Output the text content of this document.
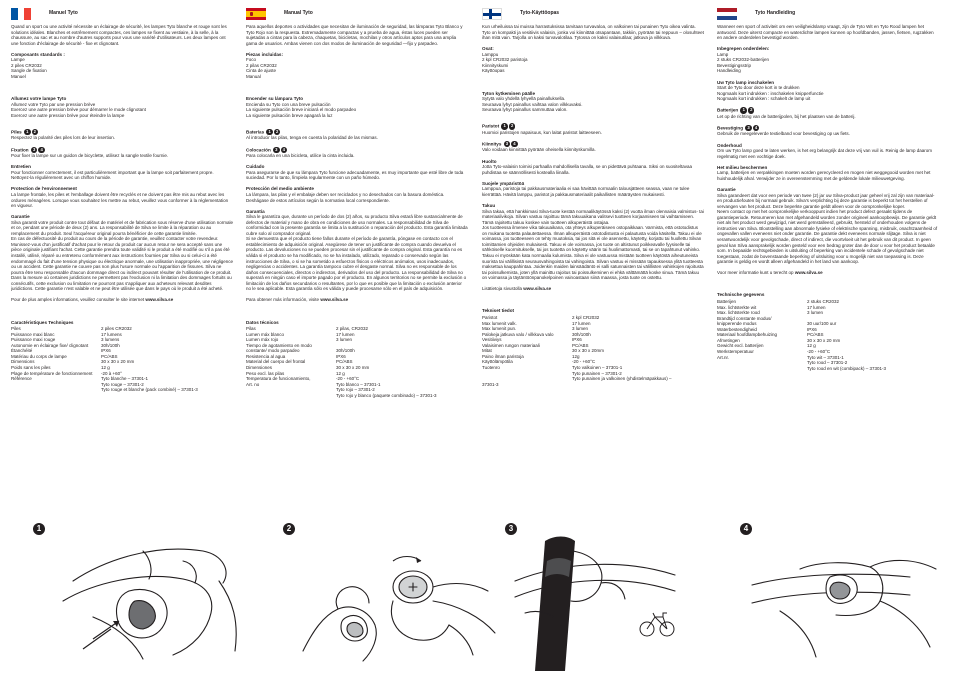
Manuel Tyto

Quand un sport ou une activité nécessite un éclairage de sécurité, les lampes Tyto blanche et rouge sont les solutions idéales. Blanches et extrêmement compactes, ces lampes se fixent au vestiaire, à la selle, à la chaussure, au sac et au nombre d'autres supports pour vous une variété d'utilisateurs. Les deux lampes ont une fonction d'éclairage de sécurité - fixe et clignotant.

Composants standards :

Lampe

2 piles CR2032

Sangle de fixation

Manuel

Allumez votre lampe Tyto

Allumez votre Tyto par une pression brève

Exercez une autre pression brève pour démarrer le mode clignotant

Exercez une autre pression brève pour éteindre la lampe

Piles 1 2

Respectez la polarité des piles lors de leur insertion.

Fixation 3 4

Pour fixer la lampe sur un guidon de bicyclette, utilisez la sangle textile fournie.

Entretien

Pour fonctionner correctement, il est particulièrement important que la lampe soit parfaitement propre. Nettoyez-la régulièrement avec un chiffon humide.

Protection de l'environnement

La lampe frontale, les piles et l'emballage doivent être recyclés et ne doivent pas être mis au rebut avec les ordures ménagères. Lorsque vous souhaitez les mettre au rebut, veuillez vous conformer à la réglementation en vigueur.

Garantie

Silva garantit votre produit contre tout défaut de matériel et de fabrication sous réserve d'une utilisation normale et ce, pendant une période de deux (2) ans. La responsabilité de Silva se limite à la réparation ou au remplacement du produit. Seul l'acquéreur original pourra bénéficier de cette garantie limitée.
En cas de défectuosité du produit au cours de la période de garantie, veuillez contacter votre revendeur. Munissez-vous d'un justificatif d'achat pour le retour du produit car aucun retour ne sera accepté sans une pièce originale justifiant l'achat. Cette garantie prendra toute validité si le produit a été modifié ou s'il a pas été installé, utilisé, réparé ou entretenu conformément aux instructions fournies par Silva ou si celui-ci a été endommagé du fait d'une tension physique ou électrique anormale, une utilisation inappropriée, une négligence ou un accident. Cette garantie ne couvre pas non plus l'usure normale ou l'apparition de fissures. Silva ne pourra être tenu responsable d'aucun dommage direct ou indirect pouvant résulter de l'utilisation de ce produit. Dans la mesure où certaines juridictions ne permettent pas l'exclusion ni la limitation des dommages fortuits ou consécutifs, cette exclusion ou limitation ne pourront pas s'appliquer aux acheteurs relevant desdites juridictions. Cette garantie n'est valable et ne peut être utilisée que dans le pays où le produit a été acheté.

Pour de plus amples informations, veuillez consulter le site internet www.silva.se

Caractéristiques Techniques
Piles	2 piles CR2032
Puissance maxi blanc	17 lumens
Puissance maxi rouge	3 lumens
Autonomie en éclairage fixe/ clignotant	30h/100h
Étanchéité	IPX6
Matériau du corps de lampe	PC/ABS
Dimensions	30 x 30 x 20 mm
Poids sans les piles	12 g
Plage de température de fonctionnement	-20 à +60°
Référence	Tyto blanche – 37301-1
Tyto rouge – 37301-2
Tyto rouge et blanche (pack combiné) – 37301-3
Manual Tyto

Para aquellos deportes o actividades que necesitan de iluminación de seguridad, las lámparas Tyto Blanco y Tyto Rojo son la respuesta. Extremadamente compactas y a prueba de agua, éstas luces pueden ser sujetadas a cintas para la cabeza, chaquetas, bicicletas, mochilas y otros artículos aptos para una amplia gama de usuarios. Ambas vienen con dos modos de iluminación de seguridad —fijo y parpadeo.

Piezas incluidas:

Foco

2 pilas CR2032

Cinta de ajuste

Manual

Encender su lámpara Tyto

Encienda su Tyto con una breve pulsación

La siguiente pulsación breve iniciará el modo parpadeo

La siguiente pulsación breve apagará la luz

Baterías 1 2

Al introducir las pilas, tenga en cuenta la polaridad de las mismas.

Colocación 3 4

Para colocarla en una bicicleta, utilice la cinta incluida.

Cuidado

Para asegurarse de que su lámpara Tyto funcione adecuadamente, es muy importante que esté libre de toda suciedad. Por lo tanto, límpiela regularmente con un paño húmedo.

Protección del medio ambiente

La lámpara, las pilas y el embalaje deben ser reciclados y no desechados con la basura doméstica. Deshágase de estos artículos según la normativa local correspondiente.

Garantía

Silva le garantiza que, durante un período de dos (2) años, su producto Silva estará libre sustancialmente de defectos de material y mano de obra en condiciones de uso normales. La responsabilidad de Silva de conformidad con la presente garantía se limita a la sustitución o reparación del producto. Esta garantía limitada cubre solo al comprador original.
Si se demuestra que el producto tiene fallos durante el período de garantía, póngase en contacto con el establecimiento de adquisición original. Asegúrese de tener un justificante de compra cuando devuelva el producto. Las devoluciones no se pueden procesar sin el justificante de compra original. Esta garantía no es válida si el producto se ha modificado, no se ha instalado, utilizado, reparado o conservado según las instrucciones de Silva, o si se ha sometido a esfuerzos físicos o eléctricos anómalos, usos inadecuados, negligencias o accidentes. La garantía tampoco cubre el desgaste normal. Silva no es responsable de los daños consecuenciales, directos o indirectos, derivados del uso del producto. La responsabilidad de Silva no superará en ningún caso el importe pagado por el producto. En algunos territorios no se permite la exclusión o limitación de los daños secundarios o resultantes, por lo que es posible que la limitación o exclusión anterior no le sea aplicable. Esta garantía sólo es válida y puede procesarse sólo en el país de adquisición.

Para obtener más información, visite www.silva.se

Datos técnicos
Pilas	2 pilas, CR2032
Lumen máx blanco	17 lumen
Lumen máx rojo	3 lumen
Tiempo de agotamiento en modo
constante/ modo parpadeo	30h/100h
Resistencia al agua	IPX6
Material del cuerpo del frontal	PC/ABS
Dimensiones	30 x 30 x 20 mm
Peso excl. las pilas	12 g
Temperatura de funcionamiento,	-20 - +60°C
Art. no	Tyto blanco – 37301-1
Tyto rojo – 37301-2
Tyto rojo y blanco (paquete combinado) – 37301-3
Tyto-Käyttöopas

Kun urheiluissa tai muissa harrastuksissa tarvitaan turvavaloa, on valkoinen tai punainen Tyto oikea valinta. Tyto on kompakti ja vesitiivis valaisin, jonka voi kiinnittää otsapantaan, takkiin, pyörään tai reppuun – olosuhteet ihan mitä vain. Tarjolla on kaksi turvavalotilaa. Tytossa on kaksi valaisutilaa; jatkuva ja vilkkuva.

Osat:

Lamppu

2 kpl CR2032 paristoja

Kiinnityskumi

Käyttöopas

Tyton kytkeminen päälle

Sytytä valo yhdellä lyhyellä painalluksella.

Seuraava lyhyt painallus vaihtaa valon vilkkuvaksi.

Seuraava lyhyt painallus sammuttaa valon.

Paristot 1 2

Huomioi paristojen napaisuus, kun laitat paristot laitteeseen.

Kiinnitys 3 4

Valo voidaan kiinnittää pyörään oheisella kiinnityskumilla.

Huolto

Jotta Tyto-valaisin toimisi parhaalla mahdollisella tavalla, se on pidettävä puhtaana. Siksi on suositeltavaa puhdistaa se säännöllisesti kostealla liinalla.

Suojele ympäristöä

Lamppua, paristoja tai pakkausmateriaalia ei saa hävittää normaalin talousjätteen seassa, vaan ne tulee kierrättää. Hävitä lamppu, paristot ja pakkausmateriaalit paikallisten määräysten mukaisesti.

Takuu

Silva takaa, että hankkimasi Silva-tuote kestää normaalikäytössä kaksi (2) vuotta ilman olennaisia valmistus- tai materiaalivikoja. Silvan vastuu rajoittuu tämä takuuaikana valitsevi tuotteen korjaamiseen tai vaihtamiseen. Tämä rajoitettu takuu koskee vain tuotteen alkuperäistä ostajaa.
Jos tuotteessa ilmenee vika takuuaikana, ota yhteys alkuperäiseen ostopaikkaan. Varmista, että ostotodistus on mukana tuotetta palautettaessa. Ilman alkuperäistä ostotodistusta ei palautusta voida käsitellä. Takuu ei ole voimassa, jos tuotteeseen on tehty muutoksia, tai jos sitä ei ole asennettu, käytetty, korjattu tai huollettu Silvan toimittamien ohjeiden mukaisesti. Takuu ei ole voimassa, jos tuote on altistunut poikkeavalle fyysiselle tai sähköiselle kuormitukselle, tai jos tuotetta on käytetty väärin tai huolimattomasti, tai se on tapahtunut vahinko. Takuu ei myöskään kata normaalia kulumista. Silva ei ole vastuussa mistään tuotteen käytöstä aiheutuneista suorista tai välillisistä seurausvahingoista tai vahingoista. Silvan vastuu ei missään tapauksessa ylitä tuotteesta maksettua kauppahintaa. Joidenkin maiden lainsäädäntö ei salli satunnaisten tai välillisten vahinkojen rajoitusta tai poissulkemista, joten yllä mainittu rajoitus tai poissulkeminen ei ehkä välttämättä koske sinua. Tämä takuu on voimassa ja täytäntöönpanokelpoinen vainoastaan siinä maassa, josta tuote on ostettu.

Lisätietoja sivustolla www.silva.se

Tekniset tiedot
Paristot	2 kpl CR2032
Max lumenit valk.	17 lumen
Max lumenit pun.	3 lumen
Palokeja jatkuva valo / vilkkuva valo	30h/100h
Vesitiiviys	IPX6
Valaisimen rungon materiaali	PC/ABS
Mitat	30 x 30 x 20mm
Paino ilman paristoja	12g
Käyttölämpötila	-20 - +60°C
Tuotenro	Tyto valkoinen – 37301-1
Tyto punainen – 37301-2
Tyto punainen ja valkoinen (yhdistelmäpakkaus) –
37301-3
Tyto Handleiding

Wanneer een sport of activiteit om een veiligheidslamp vraagt, zijn de Tyto Wit en Tyto Rood lampen het antwoord. Deze uiterst compacte en waterdichte lampen kunnen op hoofdbanden, jassen, fietsen, rugzakken en andere onderdelen bevestigd worden.

Inbegrepen onderdelen:

Lamp

2 stuks CR2032-batterijen

Bevestigingsstrip

Handleiding

Uw Tyto lamp inschakelen

Start de Tyto door deze kort in te drukken

Nogmaals kort indrukken : inschakelen knipperfunctie

Nogmaals kort indrukken : schakelt de lamp uit

Batterijen 1 2

Let op de richting van de batterijpolen, bij het plaatsen van de batterij.

Bevestiging 3 4

Gebruik de meegeleverde textielband voor bevestiging op uw fiets.

Onderhoud

Om uw Tyto lamp goed te laten werken, is het erg belangrijk dat deze vrij van vuil is. Reinig de lamp daarom regelmatig met een vochtige doek.

Het milieu beschermen

Lamp, batterijen en verpakkingen moeten worden gerecycleerd en mogen niet weggegooid worden met het huishoudelijk afval. Verwijder ze in overeenstemming met de geldende lokale milieuwetgeving.

Garantie

Silva garandeert dat voor een periode van twee (2) jar uw Silva-product jaar geheel vrij zal zijn van materiaal- en productiefouten bij normaal gebruik. Silva's verplichting bij deze garantie is beperkt tot het herstellen of vervangen van het product. Deze beperkte garantie geldt alleen voor de oorspronkelijke koper.
Neem contact op met het oorspronkelijke verkooppunt indien het product defect geraakt tijdens de garantieperiode. Retourneren kan met afgehandeld worden zonder origineel aankoopbewijs. De garantie geldt niet als het product werd gewijzigd, niet werd geïnstalleerd, gebruikt, hersteld of onderhouden volgens de instructies van Silva. Blootstelling aan abnormale fysieke of elektrische spanning, misbruik, onachtzaamheid of ongevallen vallen eveneens niet onder garantie. De garantie dekt eveneens normale slijtage. Silva is niet verantwoordelijk voor gevolgschade, direct of indirect, die voortvloeit uit het gebruik van dit product. In geen geval kan Silva aansprakelijk worden gesteld voor een bedrag groter dan de door u voor het product betaalde som. In bepaalde rechtsgebieden is uitsluiting of beperking van incidentele schade of gevolgschade niet toegestaan, zodat de bovenstaande beperking of uitsluiting voor u mogelijk niet van toepassing is. Deze garantie is geldig en wordt alleen afgehandeld in het land van aankoop.

Voor meer informatie kunt u terecht op www.silva.se

Technische gegevens
Batterijen	2 stuks CR2032
Max. lichtsterkte wit	17 lumen
Max. lichtsterkte rood	3 lumen
Brandtijd constante modus/
knipperende modus	30 uur/100 uur
Waterbestendigheid	IPX6
Materiaal hoofdlampbehuizing	PC/ABS
Afmetingen	30 x 30 x 20 mm
Gewicht excl. batterijen	12 g
Werkstemperatuur	-20 - +60°C
Art.nr.	Tyto wit – 37301-1
Tyto rood – 37301-2
Tyto rood en wit (combipack) – 37301-3
1	2	3	4
